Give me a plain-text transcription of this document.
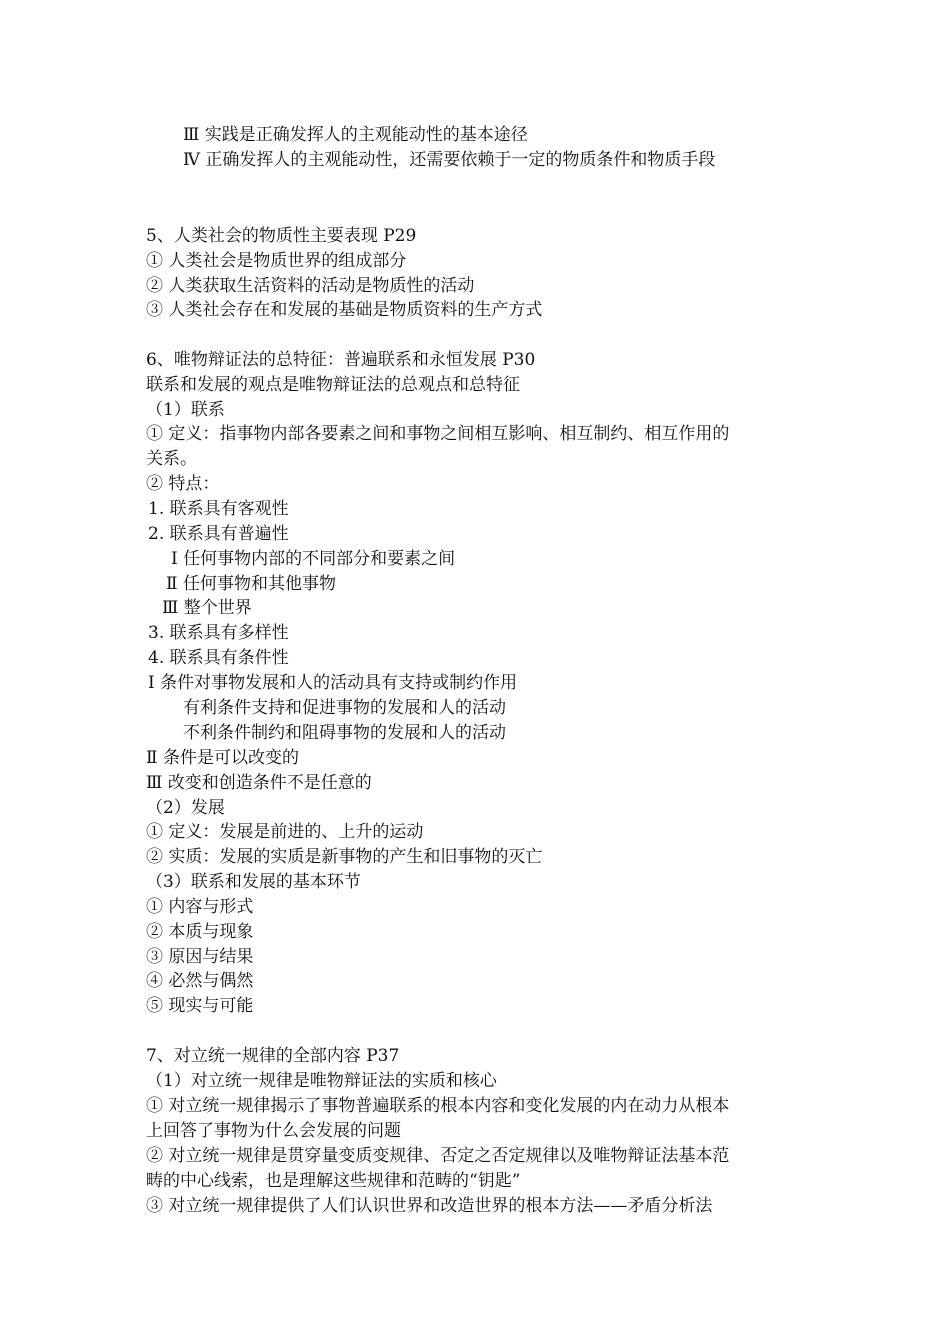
Ⅲ 实践是正确发挥人的主观能动性的基本途径
Ⅳ 正确发挥人的主观能动性，还需要依赖于一定的物质条件和物质手段
5、人类社会的物质性主要表现 P29
① 人类社会是物质世界的组成部分
② 人类获取生活资料的活动是物质性的活动
③ 人类社会存在和发展的基础是物质资料的生产方式
6、唯物辩证法的总特征：普遍联系和永恒发展 P30
联系和发展的观点是唯物辩证法的总观点和总特征
（1）联系
① 定义：指事物内部各要素之间和事物之间相互影响、相互制约、相互作用的
关系。
② 特点：
1. 联系具有客观性
2. 联系具有普遍性
Ⅰ 任何事物内部的不同部分和要素之间
Ⅱ 任何事物和其他事物
Ⅲ 整个世界
3. 联系具有多样性
4. 联系具有条件性
Ⅰ 条件对事物发展和人的活动具有支持或制约作用
有利条件支持和促进事物的发展和人的活动
不利条件制约和阻碍事物的发展和人的活动
Ⅱ 条件是可以改变的
Ⅲ 改变和创造条件不是任意的
（2）发展
① 定义：发展是前进的、上升的运动
② 实质：发展的实质是新事物的产生和旧事物的灭亡
（3）联系和发展的基本环节
① 内容与形式
② 本质与现象
③ 原因与结果
④ 必然与偶然
⑤ 现实与可能
7、对立统一规律的全部内容 P37
（1）对立统一规律是唯物辩证法的实质和核心
① 对立统一规律揭示了事物普遍联系的根本内容和变化发展的内在动力从根本
上回答了事物为什么会发展的问题
② 对立统一规律是贯穿量变质变规律、否定之否定规律以及唯物辩证法基本范
畴的中心线索，也是理解这些规律和范畴的“钥匙”
③ 对立统一规律提供了人们认识世界和改造世界的根本方法——矛盾分析法
